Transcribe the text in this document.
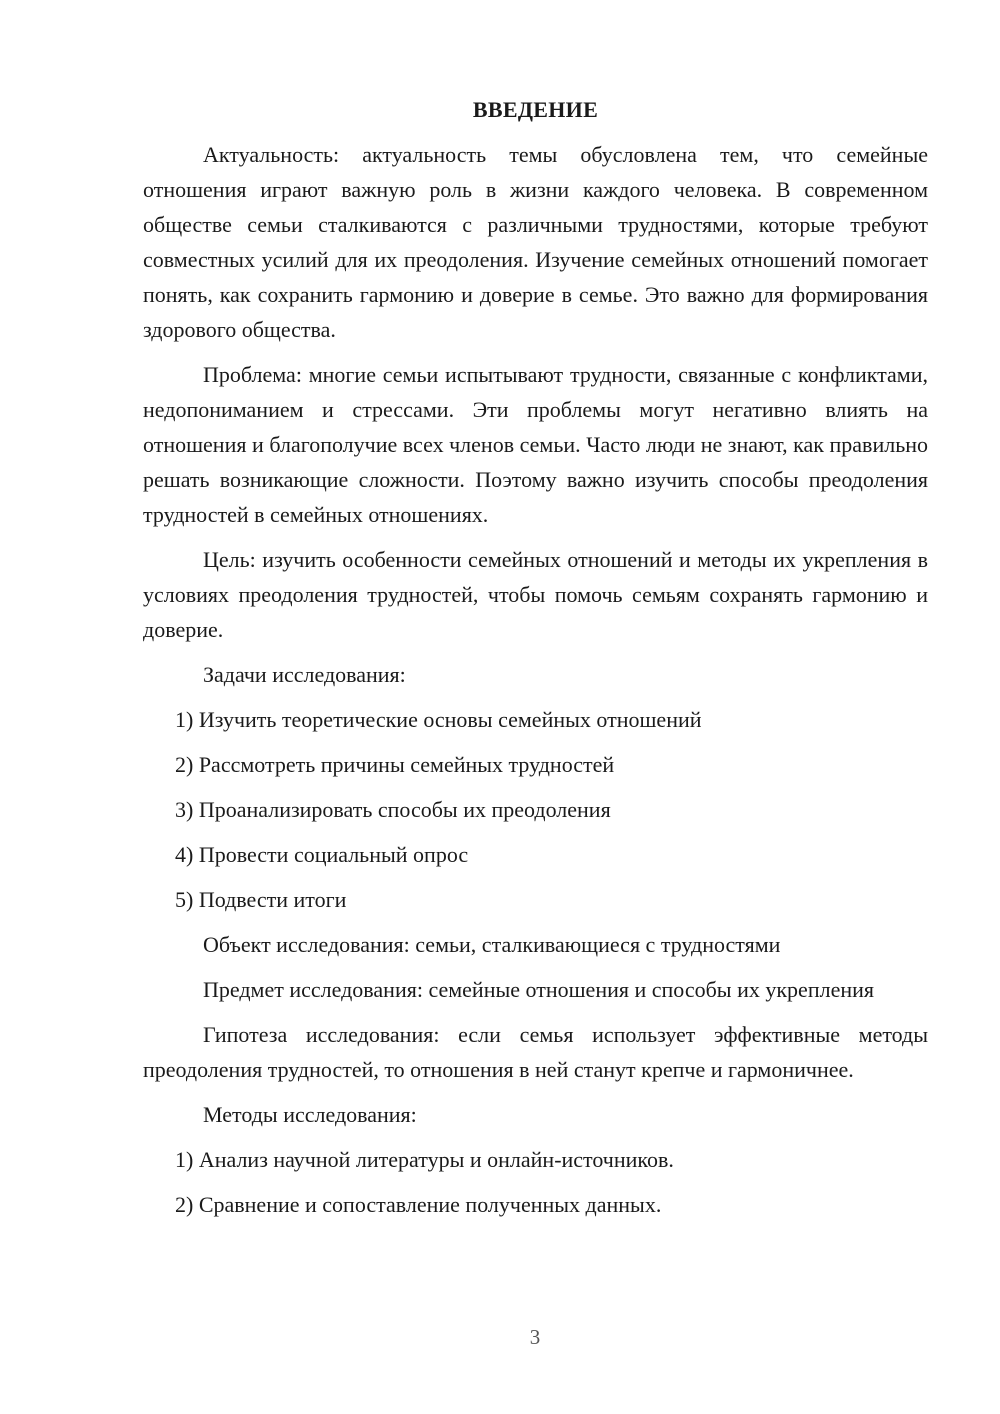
ВВЕДЕНИЕ

Актуальность: актуальность темы обусловлена тем, что семейные отношения играют важную роль в жизни каждого человека. В современном обществе семьи сталкиваются с различными трудностями, которые требуют совместных усилий для их преодоления. Изучение семейных отношений помогает понять, как сохранить гармонию и доверие в семье. Это важно для формирования здорового общества.

Проблема: многие семьи испытывают трудности, связанные с конфликтами, недопониманием и стрессами. Эти проблемы могут негативно влиять на отношения и благополучие всех членов семьи. Часто люди не знают, как правильно решать возникающие сложности. Поэтому важно изучить способы преодоления трудностей в семейных отношениях.

Цель: изучить особенности семейных отношений и методы их укрепления в условиях преодоления трудностей, чтобы помочь семьям сохранять гармонию и доверие.

Задачи исследования:

1) Изучить теоретические основы семейных отношений
2) Рассмотреть причины семейных трудностей
3) Проанализировать способы их преодоления
4) Провести социальный опрос
5) Подвести итоги

Объект исследования: семьи, сталкивающиеся с трудностями

Предмет исследования: семейные отношения и способы их укрепления

Гипотеза исследования: если семья использует эффективные методы преодоления трудностей, то отношения в ней станут крепче и гармоничнее.

Методы исследования:

1) Анализ научной литературы и онлайн-источников.
2) Сравнение и сопоставление полученных данных.
3
